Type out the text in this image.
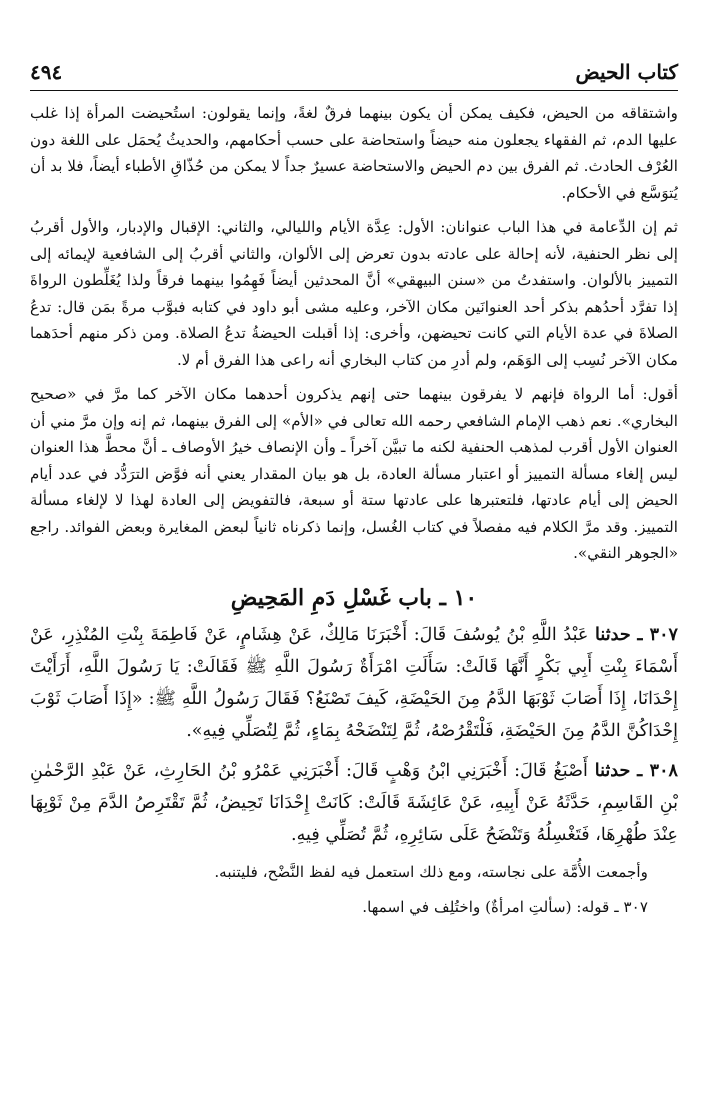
كتاب الحيض
٤٩٤

واشتقاقه من الحيض، فكيف يمكن أن يكون بينهما فرقٌ لغةً، وإنما يقولون: استُحيضت المرأة إذا غلب عليها الدم، ثم الفقهاء يجعلون منه حيضاً واستحاضة على حسب أحكامهم، والحديثُ يُحمَل على اللغة دون العُرْف الحادث. ثم الفرق بين دم الحيض والاستحاضة عسيرٌ جداً لا يمكن من حُذّاقِ الأطباء أيضاً، فلا بد أن يُتوَسَّع في الأحكام.

ثم إن الدِّعامة في هذا الباب عنوانان: الأول: عِدَّة الأيام والليالي، والثاني: الإقبال والإدبار، والأول أقربُ إلى نظر الحنفية، لأنه إحالة على عادته بدون تعرض إلى الألوان، والثاني أقربُ إلى الشافعية لإيمائه إلى التمييز بالألوان. واستفدتُ من «سنن البيهقي» أنَّ المحدثين أيضاً فَهِمُوا بينهما فرقاً ولذا يُغَلِّطون الرواةَ إذا تفرَّد أحدُهم بذكر أحد العنوانَين مكان الآخر، وعليه مشى أبو داود في كتابه فبوَّب مرةً بمَن قال: تدعُ الصلاةَ في عدة الأيام التي كانت تحيضهن، وأخرى: إذا أقبلت الحيضةُ تدعُ الصلاة. ومن ذكر منهم أحدَهما مكان الآخر نُسِب إلى الوَهَم، ولم أدرِ من كتاب البخاري أنه راعى هذا الفرق أم لا.

أقول: أما الرواة فإنهم لا يفرقون بينهما حتى إنهم يذكرون أحدهما مكان الآخر كما مرَّ في «صحيح البخاري». نعم ذهب الإمام الشافعي رحمه الله تعالى في «الأم» إلى الفرق بينهما، ثم إنه وإن مرَّ مني أن العنوان الأول أقرب لمذهب الحنفية لكنه ما تبيَّن آخراً ـ وأن الإنصاف خيرُ الأوصاف ـ أنَّ محطَّ هذا العنوان ليس إلغاء مسألة التمييز أو اعتبار مسألة العادة، بل هو بيان المقدار يعني أنه فوَّض الترَدُّد في عدد أيام الحيض إلى أيام عادتها، فلتعتبرها على عادتها ستة أو سبعة، فالتفويض إلى العادة لهذا لا لإلغاء مسألة التمييز. وقد مرَّ الكلام فيه مفصلاً في كتاب الغُسل، وإنما ذكرناه ثانياً لبعض المغايرة وبعض الفوائد. راجع «الجوهر النقي».

١٠ ـ باب غَسْلِ دَمِ المَحِيضِ

٣٠٧ ـ حدثنا عَبْدُ اللَّهِ بْنُ يُوسُفَ قَالَ: أَخْبَرَنَا مَالِكٌ، عَنْ هِشَامٍ، عَنْ فَاطِمَةَ بِنْتِ المُنْذِرِ، عَنْ أَسْمَاءَ بِنْتِ أَبِي بَكْرٍ أَنَّهَا قَالَتْ: سَأَلَتِ امْرَأَةٌ رَسُولَ اللَّهِ ﷺ فَقَالَتْ: يَا رَسُولَ اللَّهِ، أَرَأَيْتَ إِحْدَانَا، إِذَا أَصَابَ ثَوْبَهَا الدَّمُ مِنَ الحَيْضَةِ، كَيفَ تَصْنَعُ؟ فَقَالَ رَسُولُ اللَّهِ ﷺ: «إِذَا أَصَابَ ثَوْبَ إِحْدَاكُنَّ الدَّمُ مِنَ الحَيْضَةِ، فَلْتَقْرُصْهُ، ثُمَّ لِتَنْضَحْهُ بِمَاءٍ، ثُمَّ لِتُصَلِّي فِيهِ».

٣٠٨ ـ حدثنا أَصْبَغُ قَالَ: أَخْبَرَنِي ابْنُ وَهْبٍ قَالَ: أَخْبَرَنِي عَمْرُو بْنُ الحَارِثِ، عَنْ عَبْدِ الرَّحْمٰنِ بْنِ القَاسِمِ، حَدَّثَهُ عَنْ أَبِيهِ، عَنْ عَائِشَةَ قَالَتْ: كَانَتْ إِحْدَانَا تَحِيضُ، ثُمَّ تَقْتَرِصُ الدَّمَ مِنْ ثَوْبِهَا عِنْدَ طُهْرِهَا، فَتَغْسِلُهُ وَتَنْضَحُ عَلَى سَائِرِهِ، ثُمَّ تُصَلِّي فِيهِ.

وأجمعت الأُمَّة على نجاسته، ومع ذلك استعمل فيه لفظ النَّضْح، فليتنبه.

٣٠٧ ـ قوله: (سألتِ امرأةٌ) واختُلِف في اسمها.
